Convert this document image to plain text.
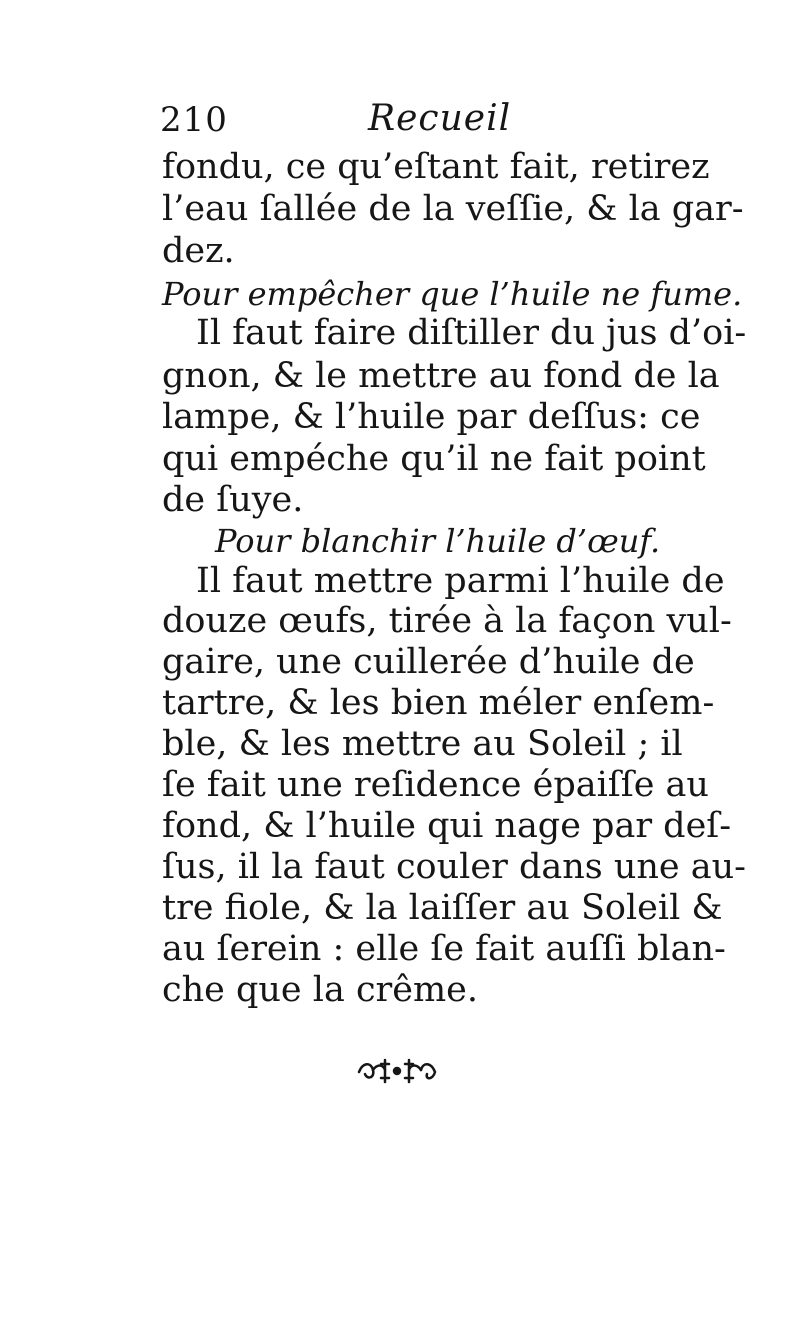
210	Recueil
fondu, ce qu’eſtant fait, retirez
l’eau ſallée de la veſſie, & la gar-
dez.
Pour empêcher que l’huile ne fume.
Il faut faire diſtiller du jus d’oi-
gnon, & le mettre au fond de la
lampe, & l’huile par deſſus: ce
qui empéche qu’il ne fait point
de ſuye.
Pour blanchir l’huile d’œuf.
Il faut mettre parmi l’huile de
douze œufs, tirée à la façon vul-
gaire, une cuillerée d’huile de
tartre, & les bien méler enſem-
ble, & les mettre au Soleil ; il
ſe fait une reſidence épaiſſe au
fond, & l’huile qui nage par deſ-
ſus, il la faut couler dans une au-
tre fiole, & la laiſſer au Soleil &
au ſerein : elle ſe fait auſſi blan-
che que la crême.
